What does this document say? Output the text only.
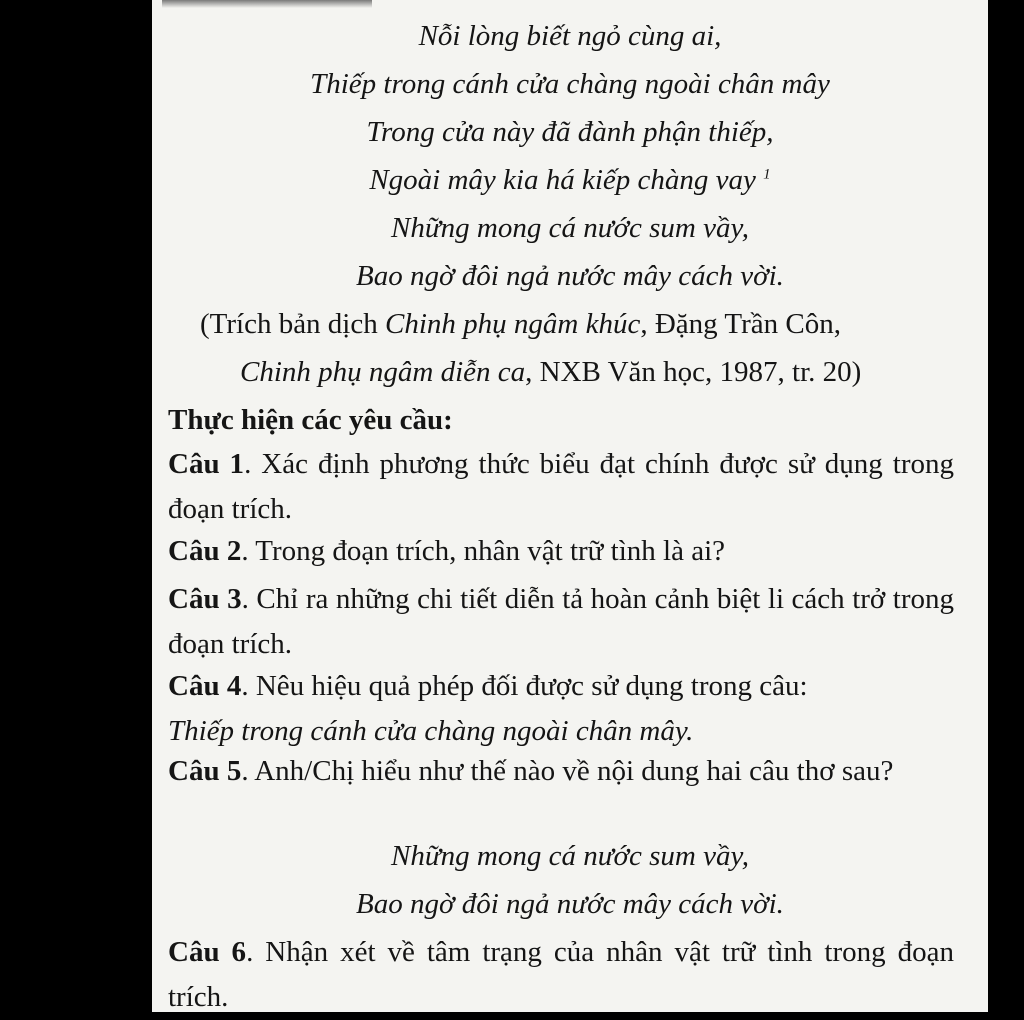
Nỗi lòng biết ngỏ cùng ai,
Thiếp trong cánh cửa chàng ngoài chân mây
Trong cửa này đã đành phận thiếp,
Ngoài mây kia há kiếp chàng vay $^1$
Những mong cá nước sum vầy,
Bao ngờ đôi ngả nước mây cách vời.
(Trích bản dịch Chinh phụ ngâm khúc, Đặng Trần Côn,
Chinh phụ ngâm diễn ca, NXB Văn học, 1987, tr. 20)
Thực hiện các yêu cầu:
Câu 1. Xác định phương thức biểu đạt chính được sử dụng trong đoạn trích.
Câu 2. Trong đoạn trích, nhân vật trữ tình là ai?
Câu 3. Chỉ ra những chi tiết diễn tả hoàn cảnh biệt li cách trở trong đoạn trích.
Câu 4. Nêu hiệu quả phép đối được sử dụng trong câu:
Thiếp trong cánh cửa chàng ngoài chân mây.
Câu 5. Anh/Chị hiểu như thế nào về nội dung hai câu thơ sau?
Những mong cá nước sum vầy,
Bao ngờ đôi ngả nước mây cách vời.
Câu 6. Nhận xét về tâm trạng của nhân vật trữ tình trong đoạn trích.
